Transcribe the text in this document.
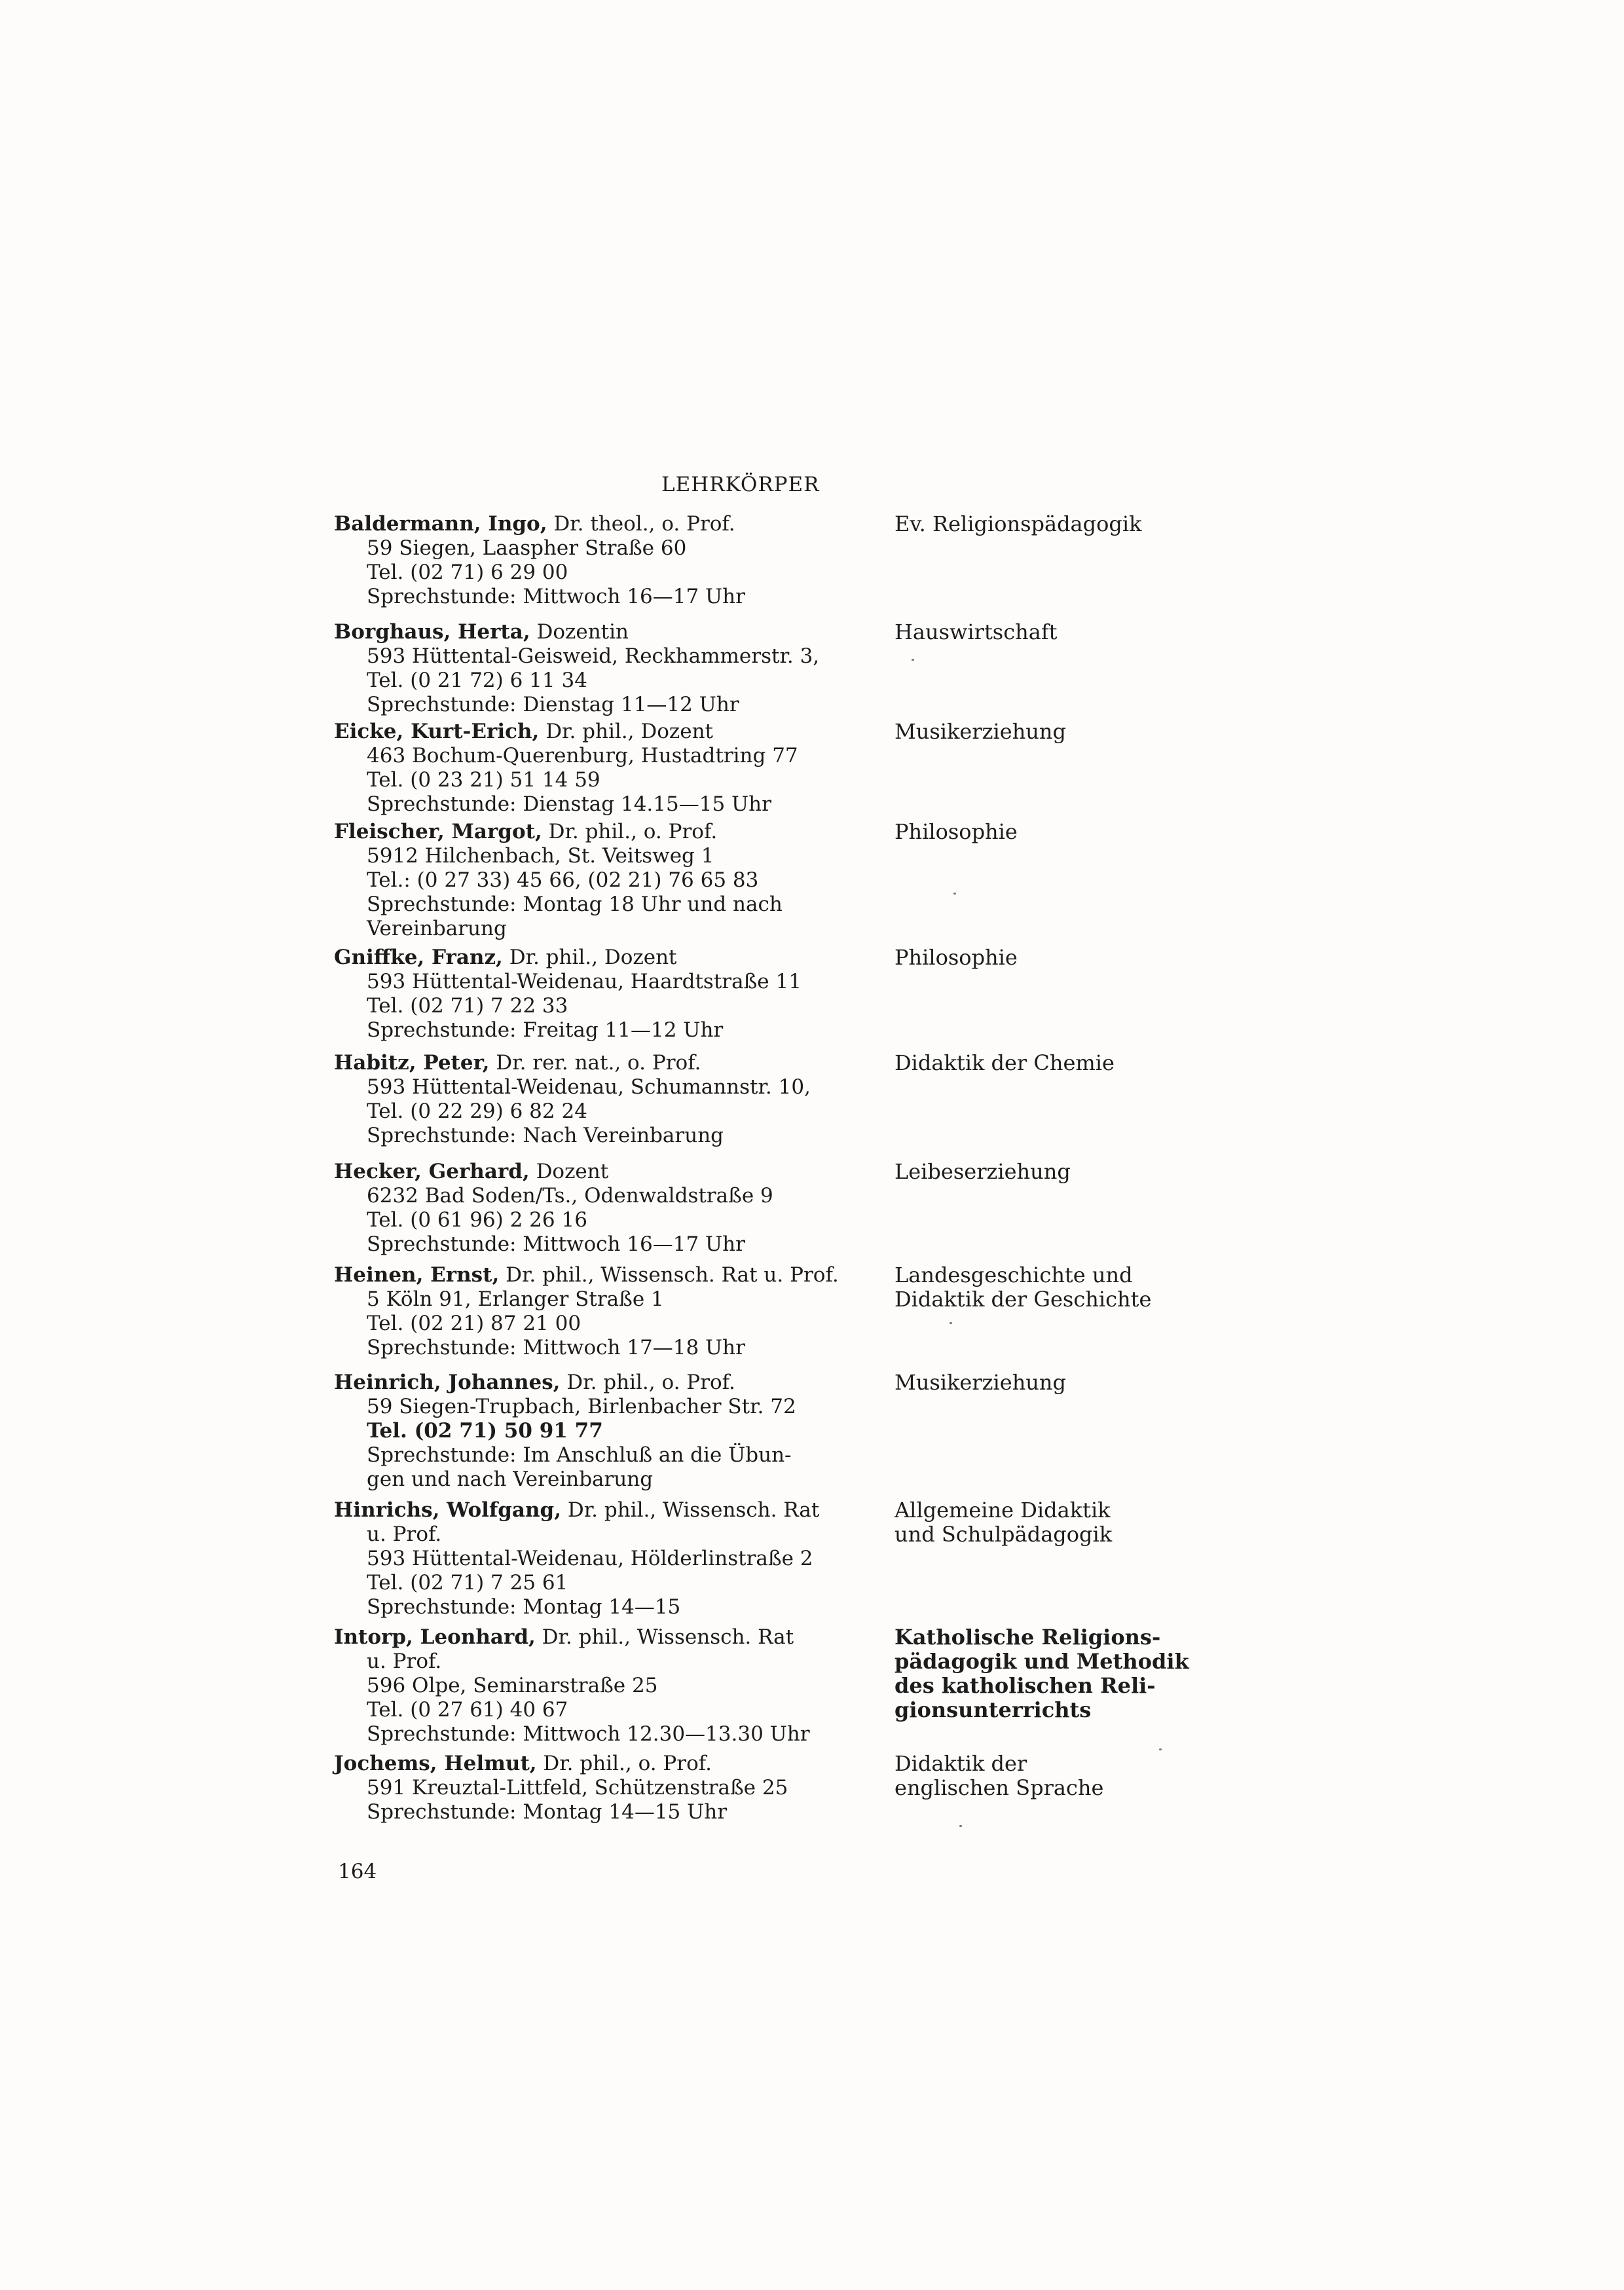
LEHRKÖRPER
Baldermann, Ingo, Dr. theol., o. Prof.
59 Siegen, Laaspher Straße 60
Tel. (02 71) 6 29 00
Sprechstunde: Mittwoch 16—17 Uhr
Ev. Religionspädagogik
Borghaus, Herta, Dozentin
593 Hüttental-Geisweid, Reckhammerstr. 3,
Tel. (0 21 72) 6 11 34
Sprechstunde: Dienstag 11—12 Uhr
Hauswirtschaft
Eicke, Kurt-Erich, Dr. phil., Dozent
463 Bochum-Querenburg, Hustadtring 77
Tel. (0 23 21) 51 14 59
Sprechstunde: Dienstag 14.15—15 Uhr
Musikerziehung
Fleischer, Margot, Dr. phil., o. Prof.
5912 Hilchenbach, St. Veitsweg 1
Tel.: (0 27 33) 45 66, (02 21) 76 65 83
Sprechstunde: Montag 18 Uhr und nach
Vereinbarung
Philosophie
Gniffke, Franz, Dr. phil., Dozent
593 Hüttental-Weidenau, Haardtstraße 11
Tel. (02 71) 7 22 33
Sprechstunde: Freitag 11—12 Uhr
Philosophie
Habitz, Peter, Dr. rer. nat., o. Prof.
593 Hüttental-Weidenau, Schumannstr. 10,
Tel. (0 22 29) 6 82 24
Sprechstunde: Nach Vereinbarung
Didaktik der Chemie
Hecker, Gerhard, Dozent
6232 Bad Soden/Ts., Odenwaldstraße 9
Tel. (0 61 96) 2 26 16
Sprechstunde: Mittwoch 16—17 Uhr
Leibeserziehung
Heinen, Ernst, Dr. phil., Wissensch. Rat u. Prof.
5 Köln 91, Erlanger Straße 1
Tel. (02 21) 87 21 00
Sprechstunde: Mittwoch 17—18 Uhr
Landesgeschichte und
Didaktik der Geschichte
Heinrich, Johannes, Dr. phil., o. Prof.
59 Siegen-Trupbach, Birlenbacher Str. 72
Tel. (02 71) 50 91 77
Sprechstunde: Im Anschluß an die Übun-
gen und nach Vereinbarung
Musikerziehung
Hinrichs, Wolfgang, Dr. phil., Wissensch. Rat
u. Prof.
593 Hüttental-Weidenau, Hölderlinstraße 2
Tel. (02 71) 7 25 61
Sprechstunde: Montag 14—15
Allgemeine Didaktik
und Schulpädagogik
Intorp, Leonhard, Dr. phil., Wissensch. Rat
u. Prof.
596 Olpe, Seminarstraße 25
Tel. (0 27 61) 40 67
Sprechstunde: Mittwoch 12.30—13.30 Uhr
Katholische Religions-
pädagogik und Methodik
des katholischen Reli-
gionsunterrichts
Jochems, Helmut, Dr. phil., o. Prof.
591 Kreuztal-Littfeld, Schützenstraße 25
Sprechstunde: Montag 14—15 Uhr
Didaktik der
englischen Sprache
164
